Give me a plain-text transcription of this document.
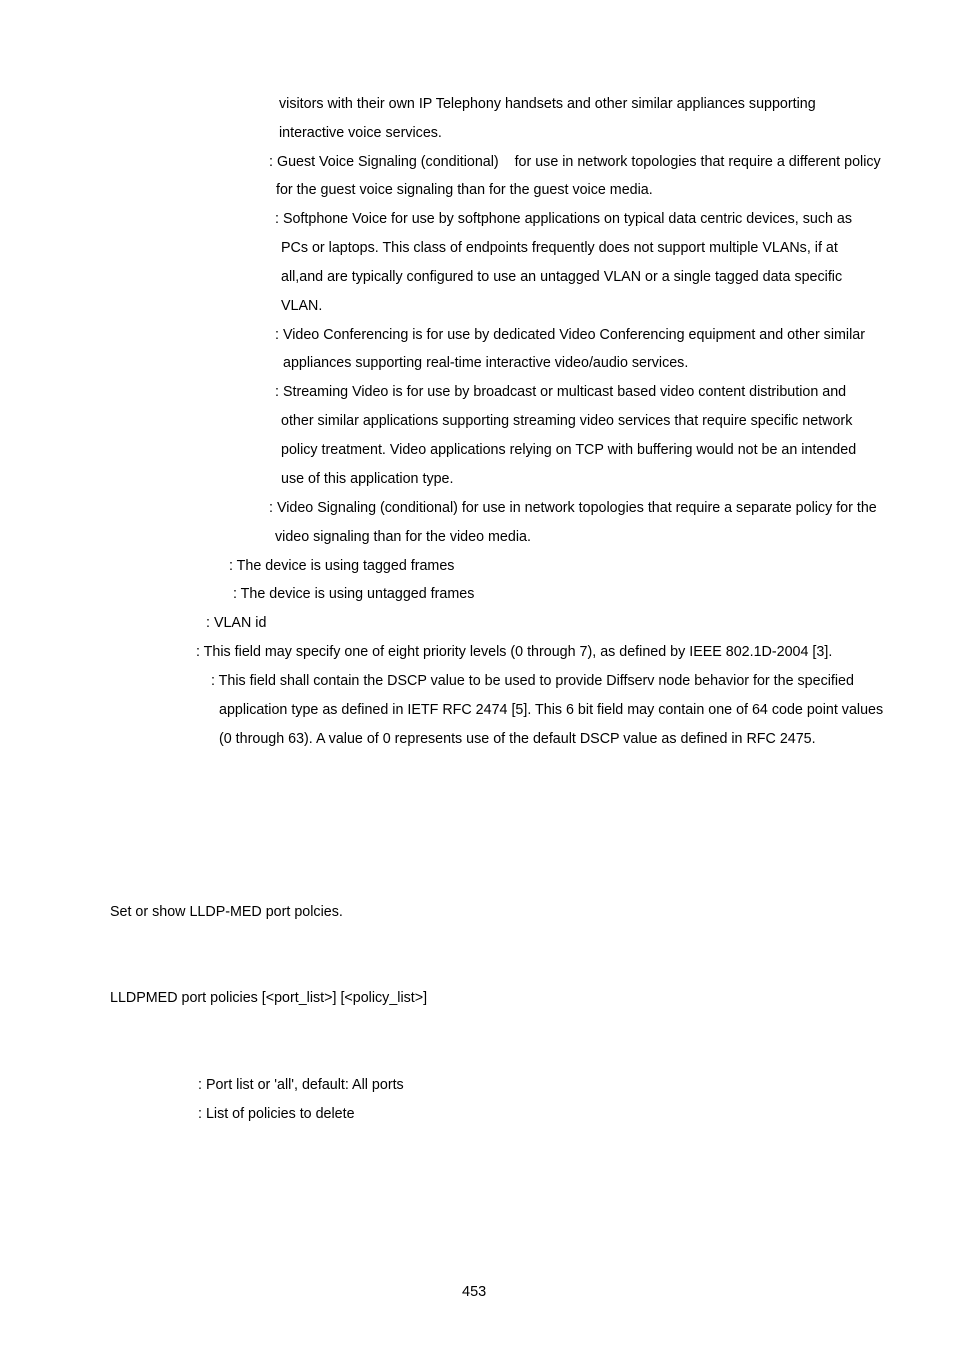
visitors with their own IP Telephony handsets and other similar appliances supporting
interactive voice services.
: Guest Voice Signaling (conditional)    for use in network topologies that require a different policy
for the guest voice signaling than for the guest voice media.
: Softphone Voice for use by softphone applications on typical data centric devices, such as
PCs or laptops. This class of endpoints frequently does not support multiple VLANs, if at
all,and are typically configured to use an untagged VLAN or a single tagged data specific
VLAN.
: Video Conferencing is for use by dedicated Video Conferencing equipment and other similar
appliances supporting real-time interactive video/audio services.
: Streaming Video is for use by broadcast or multicast based video content distribution and
other similar applications supporting streaming video services that require specific network
policy treatment. Video applications relying on TCP with buffering would not be an intended
use of this application type.
: Video Signaling (conditional) for use in network topologies that require a separate policy for the
video signaling than for the video media.
: The device is using tagged frames
: The device is using untagged frames
: VLAN id
: This field may specify one of eight priority levels (0 through 7), as defined by IEEE 802.1D-2004 [3].
: This field shall contain the DSCP value to be used to provide Diffserv node behavior for the specified
application type as defined in IETF RFC 2474 [5]. This 6 bit field may contain one of 64 code point values
(0 through 63). A value of 0 represents use of the default DSCP value as defined in RFC 2475.
Set or show LLDP-MED port polcies.
LLDPMED port policies [<port_list>] [<policy_list>]
: Port list or 'all', default: All ports
: List of policies to delete
453
